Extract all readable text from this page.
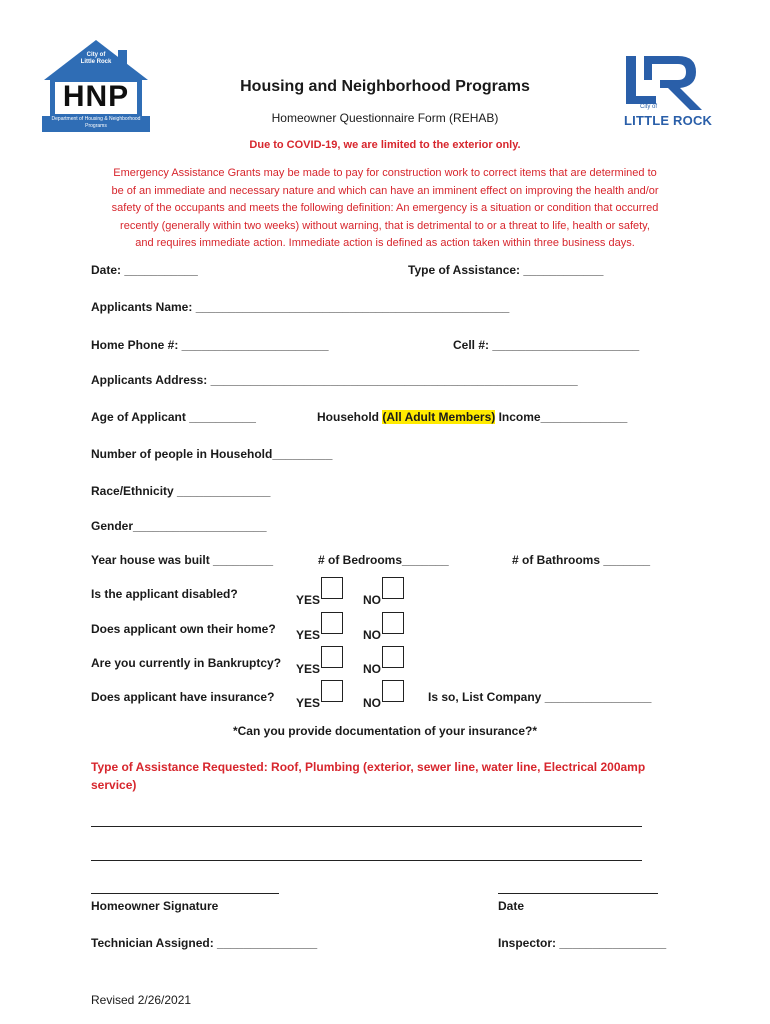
City of Little Rock
HNP
Department of Housing & Neighborhood Programs
City of
LITTLE ROCK
Housing and Neighborhood Programs
Homeowner Questionnaire Form (REHAB)
Due to COVID-19, we are limited to the exterior only.
Emergency Assistance Grants may be made to pay for construction work to correct items that are determined to
be of an immediate and necessary nature and which can have an imminent effect on improving the health and/or
safety of the occupants and meets the following definition: An emergency is a situation or condition that occurred
recently (generally within two weeks) without warning, that is detrimental to or a threat to life, health or safety,
and requires immediate action. Immediate action is defined as action taken within three business days.
Date: ___________	Type of Assistance: ____________
Applicants Name: _______________________________________________
Home Phone #: ______________________	Cell #: ______________________
Applicants Address: _______________________________________________________
Age of Applicant __________	Household (All Adult Members) Income_____________
Number of people in Household_________
Race/Ethnicity ______________
Gender____________________
Year house was built _________	# of Bedrooms_______	# of Bathrooms _______
Is the applicant disabled?	YES	NO
Does applicant own their home? YES	NO
Are you currently in Bankruptcy? YES	NO
Does applicant have insurance? YES	NO	Is so, List Company ________________
*Can you provide documentation of your insurance?*
Type of Assistance Requested: Roof, Plumbing (exterior, sewer line, water line, Electrical 200amp
service)
Homeowner Signature	Date
Technician Assigned: _______________	Inspector: ________________
Revised 2/26/2021
